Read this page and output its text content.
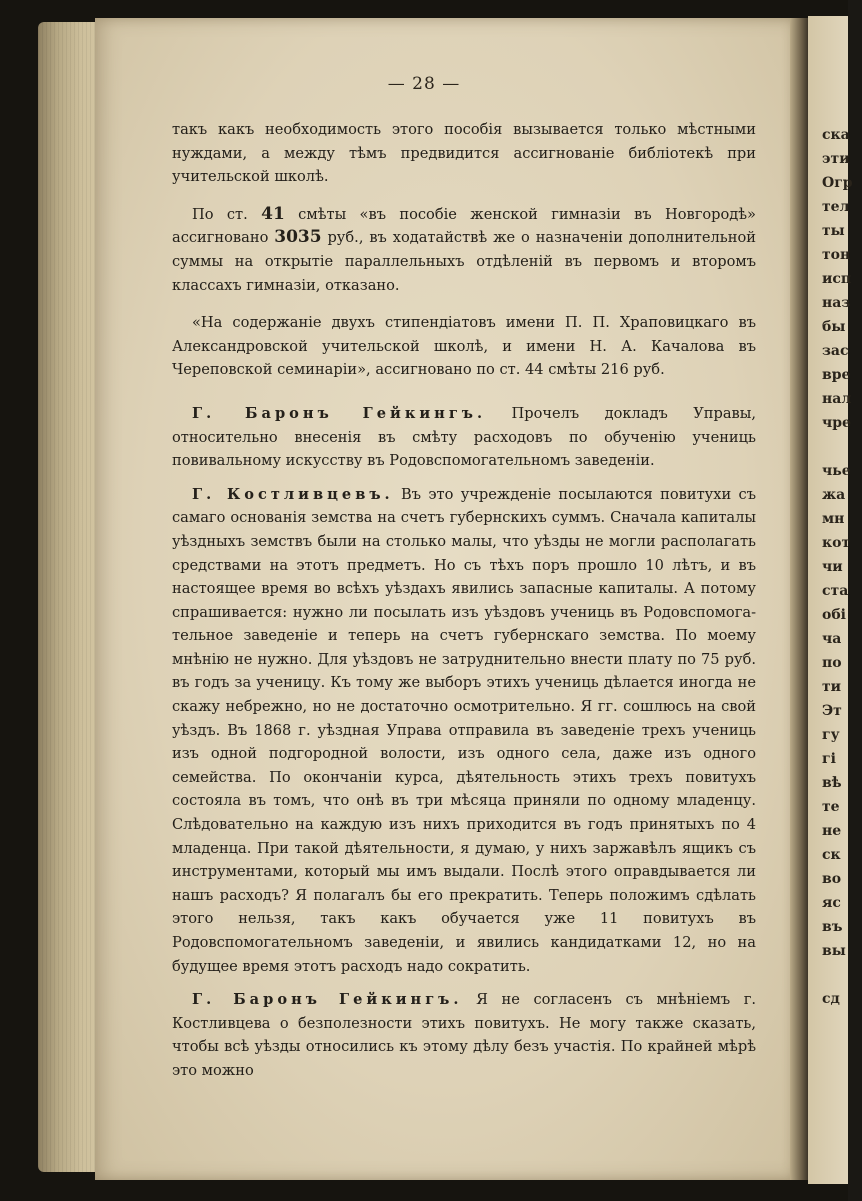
ска
эти
Огр
тел
ты
тон
исп
наз
бы
зас
вре
нал
чре
чье
жа
мн
кот
чи
ста
обі
ча
по
ти
Эт
гу
гі
вѣ
те
не
ск
во
яс
въ
вы
сд
— 28 —

такъ какъ необходимость этого пособія вызывается только мѣстными нуждами, а между тѣмъ предвидится ассигнованіе библіотекѣ при учительской школѣ.

По ст. 41 смѣты «въ пособіе женской гимназіи въ Новгородѣ» ассигновано 3035 руб., въ ходатайствѣ же о назначеніи дополнительной суммы на открытіе параллельныхъ отдѣленій въ первомъ и второмъ классахъ гимназіи, отказано.

«На содержаніе двухъ стипендіатовъ имени П. П. Храповицкаго въ Александровской учительской школѣ, и имени Н. А. Качалова въ Череповской семинаріи», ассигновано по ст. 44 смѣты 216 руб.

Г. Баронъ Гейкингъ. Прочелъ докладъ Управы, относительно внесенія въ смѣту расходовъ по обученію учениць повивальному искусству въ Родовспомогательномъ заведеніи.

Г. Костливцевъ. Въ это учрежденіе посылаются повитухи съ самаго основанія земства на счетъ губернскихъ суммъ. Сначала капиталы уѣздныхъ земствъ были на столько малы, что уѣзды не могли располагать средствами на этотъ предметъ. Но съ тѣхъ поръ прошло 10 лѣтъ, и въ настоящее время во всѣхъ уѣздахъ явились запасные капиталы. А потому спрашивается: нужно ли посылать изъ уѣздовъ учениць въ Родовспомогательное заведеніе и теперь на счетъ губернскаго земства. По моему мнѣнію не нужно. Для уѣздовъ не затруднительно внести плату по 75 руб. въ годъ за ученицу. Къ тому же выборъ этихъ учениць дѣлается иногда не скажу небрежно, но не достаточно осмотрительно. Я гг. сошлюсь на свой уѣздъ. Въ 1868 г. уѣздная Управа отправила въ заведеніе трехъ учениць изъ одной подгородной волости, изъ одного села, даже изъ одного семейства. По окончаніи курса, дѣятельность этихъ трехъ повитухъ состояла въ томъ, что онѣ въ три мѣсяца приняли по одному младенцу. Слѣдовательно на каждую изъ нихъ приходится въ годъ принятыхъ по 4 младенца. При такой дѣятельности, я думаю, у нихъ заржавѣлъ ящикъ съ инструментами, который мы имъ выдали. Послѣ этого оправдывается ли нашъ расходъ? Я полагалъ бы его прекратить. Теперь положимъ сдѣлать этого нельзя, такъ какъ обучается уже 11 повитухъ въ Родовспомогательномъ заведеніи, и явились кандидатками 12, но на будущее время этотъ расходъ надо сократить.

Г. Баронъ Гейкингъ. Я не согласенъ съ мнѣніемъ г. Костливцева о безполезности этихъ повитухъ. Не могу также сказать, чтобы всѣ уѣзды относились къ этому дѣлу безъ участія. По крайней мѣрѣ это можно
